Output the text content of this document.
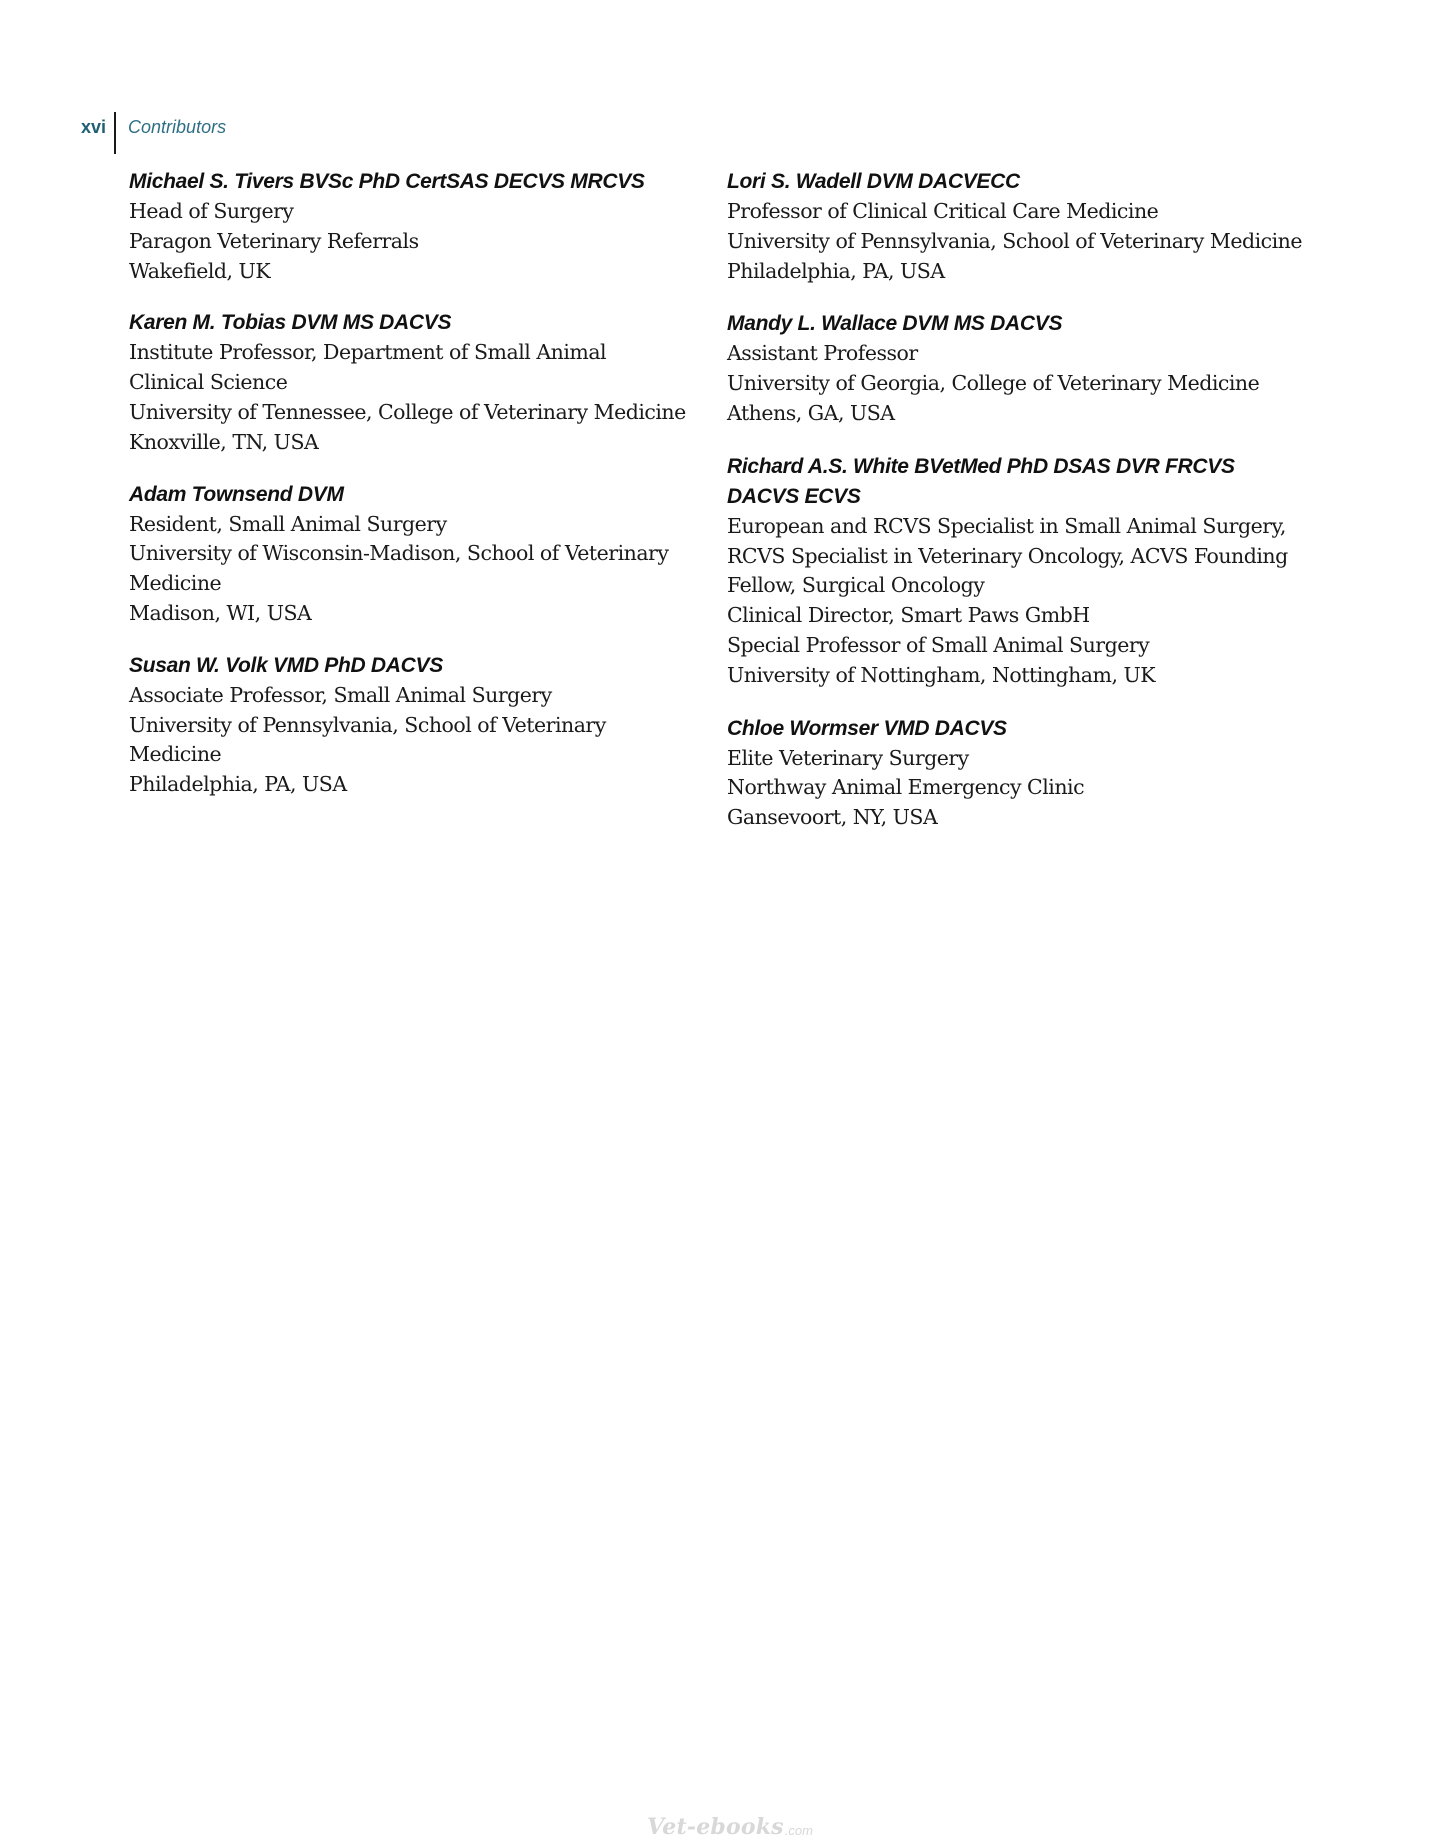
xvi Contributors
Michael S. Tivers BVSc PhD CertSAS DECVS MRCVS
Head of Surgery
Paragon Veterinary Referrals
Wakefield, UK
Karen M. Tobias DVM MS DACVS
Institute Professor, Department of Small Animal
Clinical Science
University of Tennessee, College of Veterinary Medicine
Knoxville, TN, USA
Adam Townsend DVM
Resident, Small Animal Surgery
University of Wisconsin-Madison, School of Veterinary
Medicine
Madison, WI, USA
Susan W. Volk VMD PhD DACVS
Associate Professor, Small Animal Surgery
University of Pennsylvania, School of Veterinary
Medicine
Philadelphia, PA, USA
Lori S. Wadell DVM DACVECC
Professor of Clinical Critical Care Medicine
University of Pennsylvania, School of Veterinary Medicine
Philadelphia, PA, USA
Mandy L. Wallace DVM MS DACVS
Assistant Professor
University of Georgia, College of Veterinary Medicine
Athens, GA, USA
Richard A.S. White BVetMed PhD DSAS DVR FRCVS
DACVS ECVS
European and RCVS Specialist in Small Animal Surgery,
RCVS Specialist in Veterinary Oncology, ACVS Founding
Fellow, Surgical Oncology
Clinical Director, Smart Paws GmbH
Special Professor of Small Animal Surgery
University of Nottingham, Nottingham, UK
Chloe Wormser VMD DACVS
Elite Veterinary Surgery
Northway Animal Emergency Clinic
Gansevoort, NY, USA
Vet-ebooks .com
